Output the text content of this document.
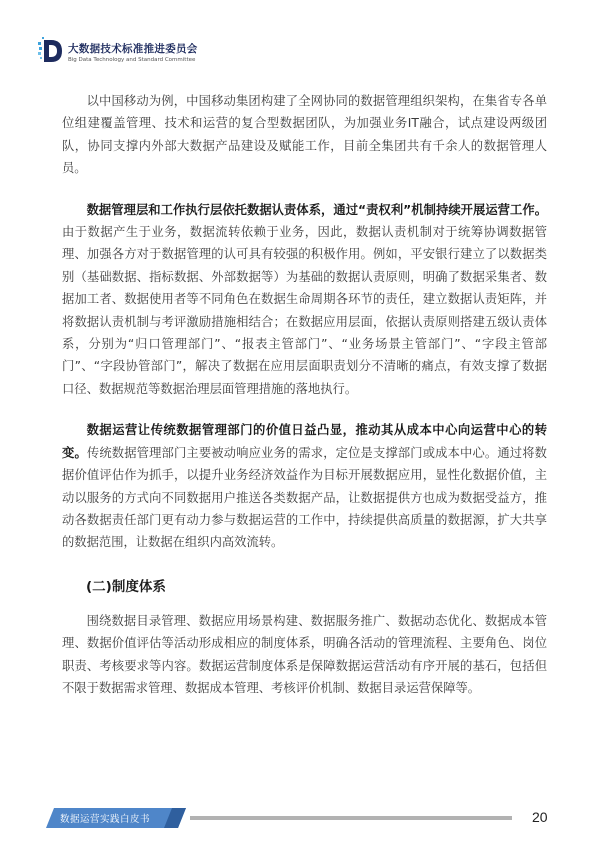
大数据技术标准推进委员会
Big Data Technology and Standard Committee

以中国移动为例，中国移动集团构建了全网协同的数据管理组织架构，在集省专各单位组建覆盖管理、技术和运营的复合型数据团队，为加强业务IT融合，试点建设两级团队，协同支撑内外部大数据产品建设及赋能工作，目前全集团共有千余人的数据管理人员。

数据管理层和工作执行层依托数据认责体系，通过“责权利”机制持续开展运营工作。由于数据产生于业务，数据流转依赖于业务，因此，数据认责机制对于统筹协调数据管理、加强各方对于数据管理的认可具有较强的积极作用。例如，平安银行建立了以数据类别（基础数据、指标数据、外部数据等）为基础的数据认责原则，明确了数据采集者、数据加工者、数据使用者等不同角色在数据生命周期各环节的责任，建立数据认责矩阵，并将数据认责机制与考评激励措施相结合；在数据应用层面，依据认责原则搭建五级认责体系，分别为“归口管理部门”、“报表主管部门”、“业务场景主管部门”、“字段主管部门”、“字段协管部门”，解决了数据在应用层面职责划分不清晰的痛点，有效支撑了数据口径、数据规范等数据治理层面管理措施的落地执行。

数据运营让传统数据管理部门的价值日益凸显，推动其从成本中心向运营中心的转变。传统数据管理部门主要被动响应业务的需求，定位是支撑部门或成本中心。通过将数据价值评估作为抓手，以提升业务经济效益作为目标开展数据应用，显性化数据价值，主动以服务的方式向不同数据用户推送各类数据产品，让数据提供方也成为数据受益方，推动各数据责任部门更有动力参与数据运营的工作中，持续提供高质量的数据源，扩大共享的数据范围，让数据在组织内高效流转。

(二)制度体系

围绕数据目录管理、数据应用场景构建、数据服务推广、数据动态优化、数据成本管理、数据价值评估等活动形成相应的制度体系，明确各活动的管理流程、主要角色、岗位职责、考核要求等内容。数据运营制度体系是保障数据运营活动有序开展的基石，包括但不限于数据需求管理、数据成本管理、考核评价机制、数据目录运营保障等。

数据运营实践白皮书	20
